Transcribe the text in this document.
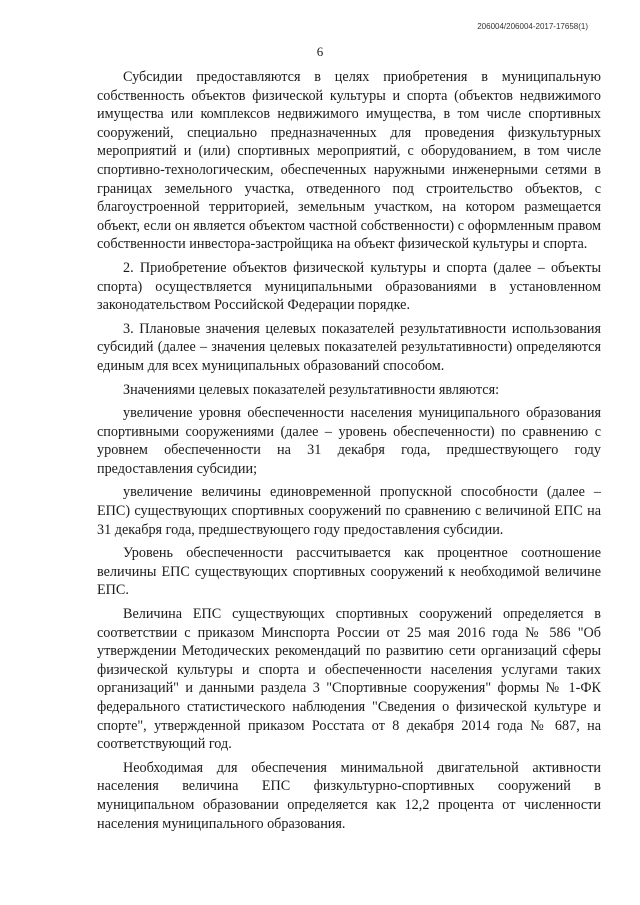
206004/206004-2017-17658(1)
6

Субсидии предоставляются в целях приобретения в муниципальную собственность объектов физической культуры и спорта (объектов недвижимого имущества или комплексов недвижимого имущества, в том числе спортивных сооружений, специально предназначенных для проведения физкультурных мероприятий и (или) спортивных мероприятий, с оборудованием, в том числе спортивно-технологическим, обеспеченных наружными инженерными сетями в границах земельного участка, отведенного под строительство объектов, с благоустроенной территорией, земельным участком, на котором размещается объект, если он является объектом частной собственности) с оформленным правом собственности инвестора-застройщика на объект физической культуры и спорта.

2. Приобретение объектов физической культуры и спорта (далее – объекты спорта) осуществляется муниципальными образованиями в установленном законодательством Российской Федерации порядке.

3. Плановые значения целевых показателей результативности использования субсидий (далее – значения целевых показателей результативности) определяются единым для всех муниципальных образований способом.

Значениями целевых показателей результативности являются:

увеличение уровня обеспеченности населения муниципального образования спортивными сооружениями (далее – уровень обеспеченности) по сравнению с уровнем обеспеченности на 31 декабря года, предшествующего году предоставления субсидии;

увеличение величины единовременной пропускной способности (далее – ЕПС) существующих спортивных сооружений по сравнению с величиной ЕПС на 31 декабря года, предшествующего году предоставления субсидии.

Уровень обеспеченности рассчитывается как процентное соотношение величины ЕПС существующих спортивных сооружений к необходимой величине ЕПС.

Величина ЕПС существующих спортивных сооружений определяется в соответствии с приказом Минспорта России от 25 мая 2016 года № 586 "Об утверждении Методических рекомендаций по развитию сети организаций сферы физической культуры и спорта и обеспеченности населения услугами таких организаций" и данными раздела 3 "Спортивные сооружения" формы № 1-ФК федерального статистического наблюдения "Сведения о физической культуре и спорте", утвержденной приказом Росстата от 8 декабря 2014 года № 687, на соответствующий год.

Необходимая для обеспечения минимальной двигательной активности населения величина ЕПС физкультурно-спортивных сооружений в муниципальном образовании определяется как 12,2 процента от численности населения муниципального образования.
